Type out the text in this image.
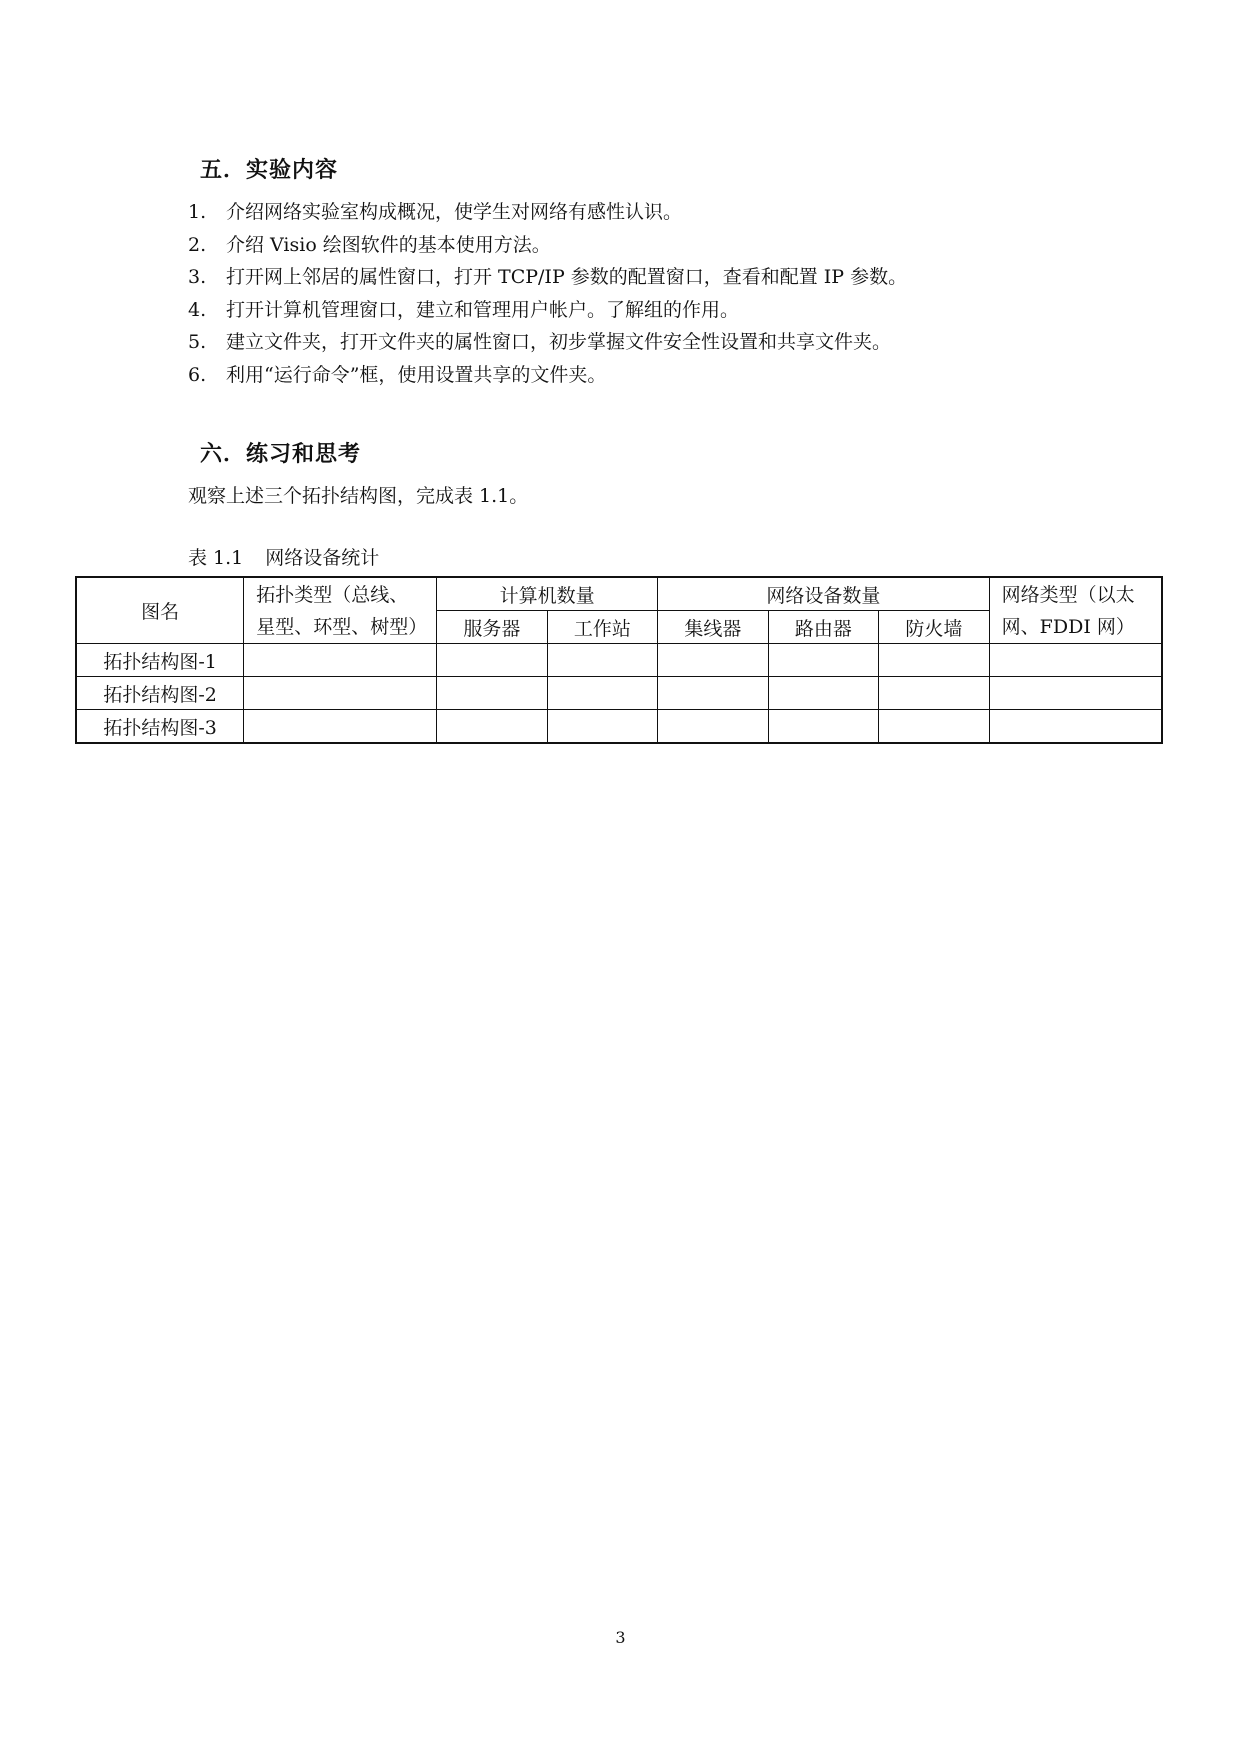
五．实验内容
1. 介绍网络实验室构成概况，使学生对网络有感性认识。
2. 介绍 Visio 绘图软件的基本使用方法。
3. 打开网上邻居的属性窗口，打开 TCP/IP 参数的配置窗口，查看和配置 IP 参数。
4. 打开计算机管理窗口，建立和管理用户帐户。了解组的作用。
5. 建立文件夹，打开文件夹的属性窗口，初步掌握文件安全性设置和共享文件夹。
6. 利用“运行命令”框，使用设置共享的文件夹。
六．练习和思考
观察上述三个拓扑结构图，完成表 1.1。
表 1.1 网络设备统计
图名	拓扑类型（总线、
星型、环型、树型）	计算机数量		网络设备数量			网络类型（以太
网、FDDI 网）

		服务器	工作站	集线器	路由器	防火墙	
拓扑结构图-1							
拓扑结构图-2							
拓扑结构图-3							
3
